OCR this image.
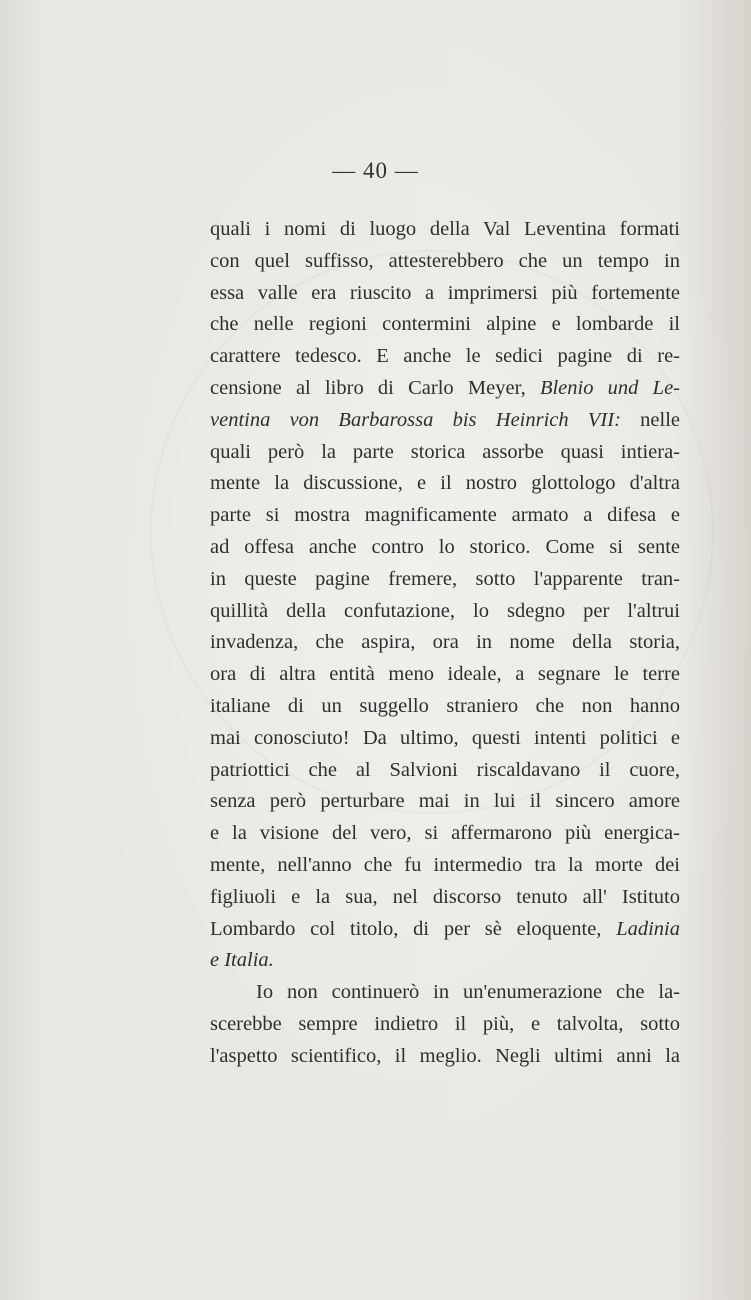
— 40 —
quali i nomi di luogo della Val Leventina formati
con quel suffisso, attesterebbero che un tempo in
essa valle era riuscito a imprimersi più fortemente
che nelle regioni contermini alpine e lombarde il
carattere tedesco. E anche le sedici pagine di re-
censione al libro di Carlo Meyer, Blenio und Le-
ventina von Barbarossa bis Heinrich VII: nelle
quali però la parte storica assorbe quasi intiera-
mente la discussione, e il nostro glottologo d'altra
parte si mostra magnificamente armato a difesa e
ad offesa anche contro lo storico. Come si sente
in queste pagine fremere, sotto l'apparente tran-
quillità della confutazione, lo sdegno per l'altrui
invadenza, che aspira, ora in nome della storia,
ora di altra entità meno ideale, a segnare le terre
italiane di un suggello straniero che non hanno
mai conosciuto! Da ultimo, questi intenti politici e
patriottici che al Salvioni riscaldavano il cuore,
senza però perturbare mai in lui il sincero amore
e la visione del vero, si affermarono più energica-
mente, nell'anno che fu intermedio tra la morte dei
figliuoli e la sua, nel discorso tenuto all' Istituto
Lombardo col titolo, di per sè eloquente, Ladinia
e Italia.
Io non continuerò in un'enumerazione che la-
scerebbe sempre indietro il più, e talvolta, sotto
l'aspetto scientifico, il meglio. Negli ultimi anni la
